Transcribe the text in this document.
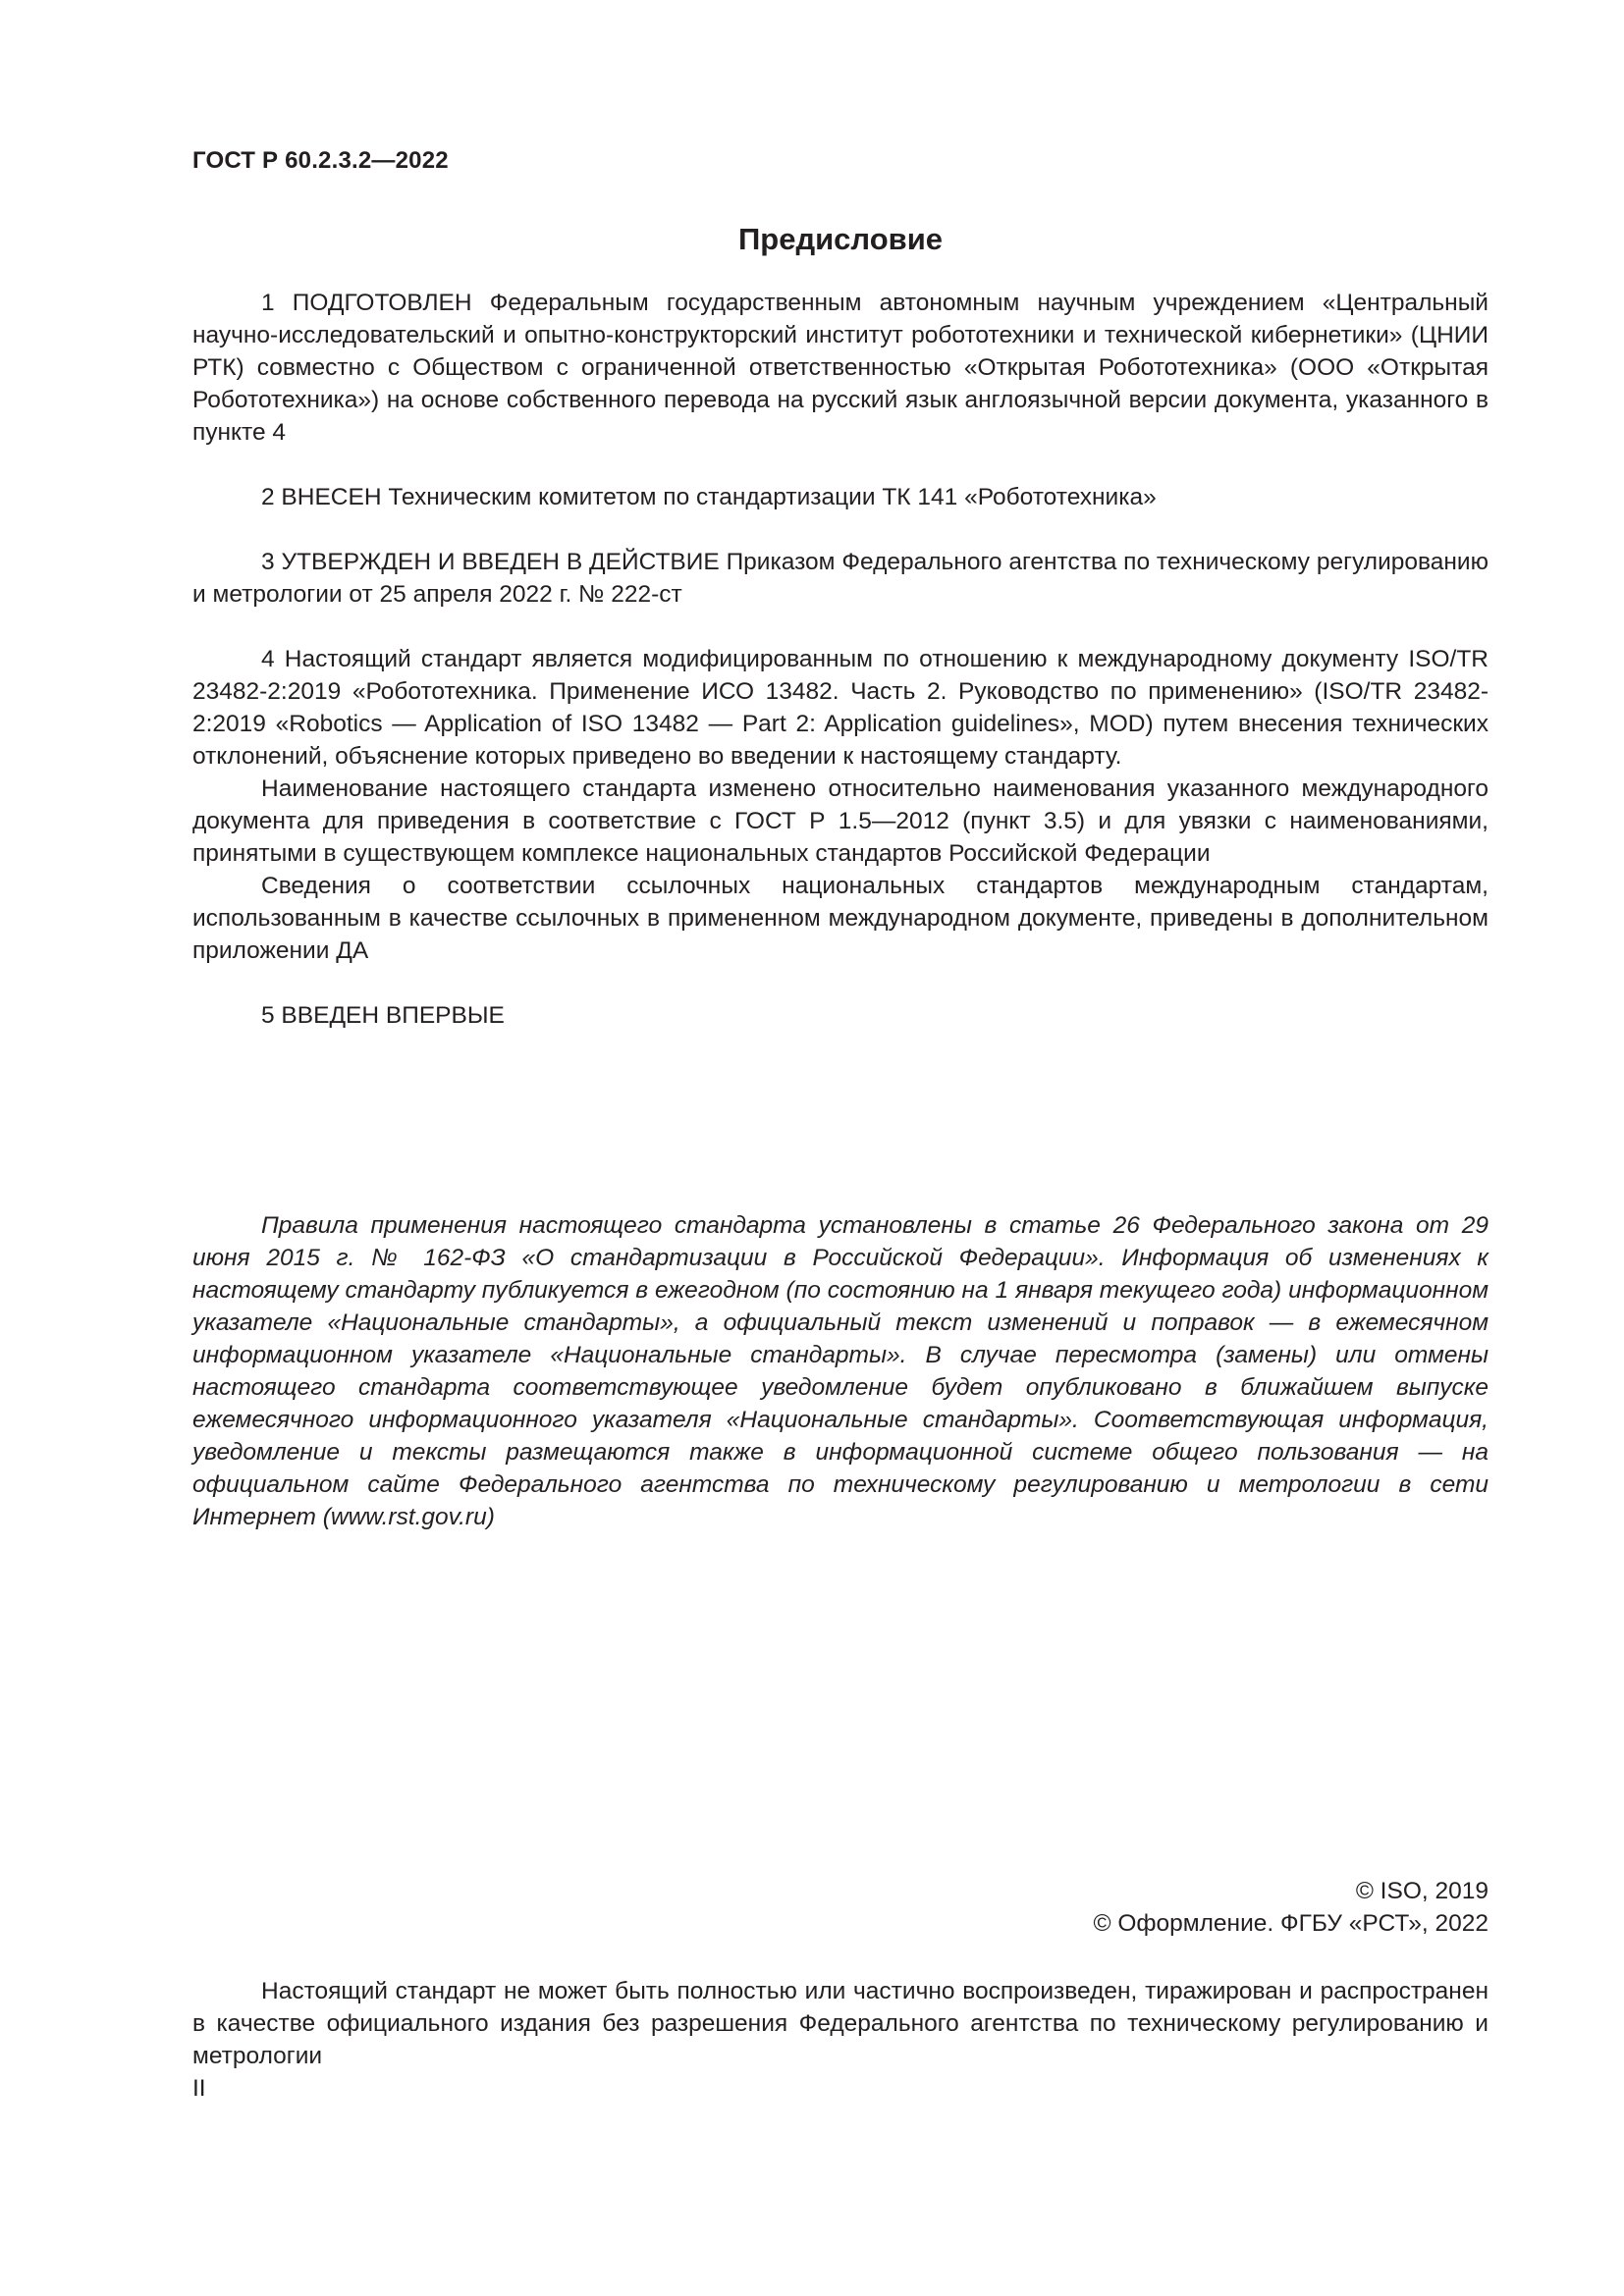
ГОСТ Р 60.2.3.2—2022
Предисловие

1 ПОДГОТОВЛЕН Федеральным государственным автономным научным учреждением «Центральный научно-исследовательский и опытно-конструкторский институт робототехники и технической кибернетики» (ЦНИИ РТК) совместно с Обществом с ограниченной ответственностью «Открытая Робототехника» (ООО «Открытая Робототехника») на основе собственного перевода на русский язык англоязычной версии документа, указанного в пункте 4

2 ВНЕСЕН Техническим комитетом по стандартизации ТК 141 «Робототехника»

3 УТВЕРЖДЕН И ВВЕДЕН В ДЕЙСТВИЕ Приказом Федерального агентства по техническому регулированию и метрологии от 25 апреля 2022 г. № 222-ст

4 Настоящий стандарт является модифицированным по отношению к международному документу ISO/TR 23482-2:2019 «Робототехника. Применение ИСО 13482. Часть 2. Руководство по применению» (ISO/TR 23482-2:2019 «Robotics — Application of ISO 13482 — Part 2: Application guidelines», MOD) путем внесения технических отклонений, объяснение которых приведено во введении к настоящему стандарту.

Наименование настоящего стандарта изменено относительно наименования указанного международного документа для приведения в соответствие с ГОСТ Р 1.5—2012 (пункт 3.5) и для увязки с наименованиями, принятыми в существующем комплексе национальных стандартов Российской Федерации

Сведения о соответствии ссылочных национальных стандартов международным стандартам, использованным в качестве ссылочных в примененном международном документе, приведены в дополнительном приложении ДА

5 ВВЕДЕН ВПЕРВЫЕ

Правила применения настоящего стандарта установлены в статье 26 Федерального закона от 29 июня 2015 г. № 162-ФЗ «О стандартизации в Российской Федерации». Информация об изменениях к настоящему стандарту публикуется в ежегодном (по состоянию на 1 января текущего года) информационном указателе «Национальные стандарты», а официальный текст изменений и поправок — в ежемесячном информационном указателе «Национальные стандарты». В случае пересмотра (замены) или отмены настоящего стандарта соответствующее уведомление будет опубликовано в ближайшем выпуске ежемесячного информационного указателя «Национальные стандарты». Соответствующая информация, уведомление и тексты размещаются также в информационной системе общего пользования — на официальном сайте Федерального агентства по техническому регулированию и метрологии в сети Интернет (www.rst.gov.ru)

© ISO, 2019
© Оформление. ФГБУ «РСТ», 2022

Настоящий стандарт не может быть полностью или частично воспроизведен, тиражирован и распространен в качестве официального издания без разрешения Федерального агентства по техническому регулированию и метрологии

II
